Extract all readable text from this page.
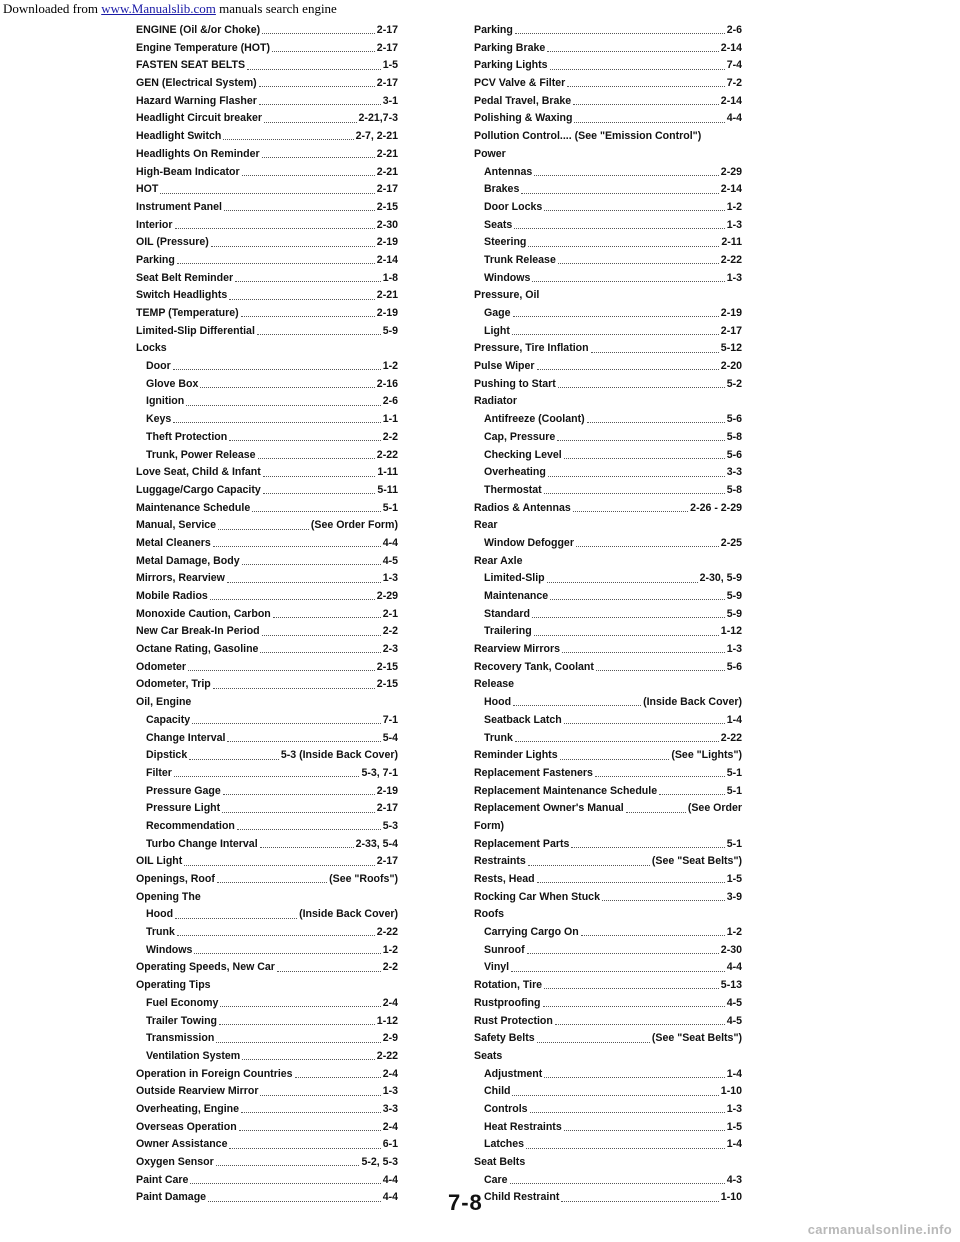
Downloaded from www.Manualslib.com manuals search engine
ENGINE (Oil &/or Choke)	2-17
Engine Temperature (HOT)	2-17
FASTEN SEAT BELTS	1-5
GEN (Electrical System)	2-17
Hazard Warning Flasher	3-1
Headlight Circuit breaker	2-21,7-3
Headlight Switch	2-7, 2-21
Headlights On Reminder	2-21
High-Beam Indicator	2-21
HOT	2-17
Instrument Panel	2-15
Interior	2-30
OIL (Pressure)	2-19
Parking	2-14
Seat Belt Reminder	1-8
Switch Headlights	2-21
TEMP (Temperature)	2-19
Limited-Slip Differential	5-9
Locks
Door	1-2
Glove Box	2-16
Ignition	2-6
Keys	1-1
Theft Protection	2-2
Trunk, Power Release	2-22
Love Seat, Child & Infant	1-11
Luggage/Cargo Capacity	5-11
Maintenance Schedule	5-1
Manual, Service	(See Order Form)
Metal Cleaners	4-4
Metal Damage, Body	4-5
Mirrors, Rearview	1-3
Mobile Radios	2-29
Monoxide Caution, Carbon	2-1
New Car Break-In Period	2-2
Octane Rating, Gasoline	2-3
Odometer	2-15
Odometer, Trip	2-15
Oil, Engine
Capacity	7-1
Change Interval	5-4
Dipstick	5-3 (Inside Back Cover)
Filter	5-3, 7-1
Pressure Gage	2-19
Pressure Light	2-17
Recommendation	5-3
Turbo Change Interval	2-33, 5-4
OIL Light	2-17
Openings, Roof	(See "Roofs")
Opening The
Hood	(Inside Back Cover)
Trunk	2-22
Windows	1-2
Operating Speeds, New Car	2-2
Operating Tips
Fuel Economy	2-4
Trailer Towing	1-12
Transmission	2-9
Ventilation System	2-22
Operation in Foreign Countries	2-4
Outside Rearview Mirror	1-3
Overheating, Engine	3-3
Overseas Operation	2-4
Owner Assistance	6-1
Oxygen Sensor	5-2, 5-3
Paint Care	4-4
Paint Damage	4-4
Parking	2-6
Parking Brake	2-14
Parking Lights	7-4
PCV Valve & Filter	7-2
Pedal Travel, Brake	2-14
Polishing & Waxing	4-4
Pollution Control.... (See "Emission Control")
Power
Antennas	2-29
Brakes	2-14
Door Locks	1-2
Seats	1-3
Steering	2-11
Trunk Release	2-22
Windows	1-3
Pressure, Oil
Gage	2-19
Light	2-17
Pressure, Tire Inflation	5-12
Pulse Wiper	2-20
Pushing to Start	5-2
Radiator
Antifreeze (Coolant)	5-6
Cap, Pressure	5-8
Checking Level	5-6
Overheating	3-3
Thermostat	5-8
Radios & Antennas	2-26 - 2-29
Rear
Window Defogger	2-25
Rear Axle
Limited-Slip	2-30, 5-9
Maintenance	5-9
Standard	5-9
Trailering	1-12
Rearview Mirrors	1-3
Recovery Tank, Coolant	5-6
Release
Hood	(Inside Back Cover)
Seatback Latch	1-4
Trunk	2-22
Reminder Lights	(See "Lights")
Replacement Fasteners	5-1
Replacement Maintenance Schedule	5-1
Replacement Owner's Manual	(See Order
Form)
Replacement Parts	5-1
Restraints	(See "Seat Belts")
Rests, Head	1-5
Rocking Car When Stuck	3-9
Roofs
Carrying Cargo On	1-2
Sunroof	2-30
Vinyl	4-4
Rotation, Tire	5-13
Rustproofing	4-5
Rust Protection	4-5
Safety Belts	(See "Seat Belts")
Seats
Adjustment	1-4
Child	1-10
Controls	1-3
Heat Restraints	1-5
Latches	1-4
Seat Belts
Care	4-3
Child Restraint	1-10
7-8
carmanualsonline.info
